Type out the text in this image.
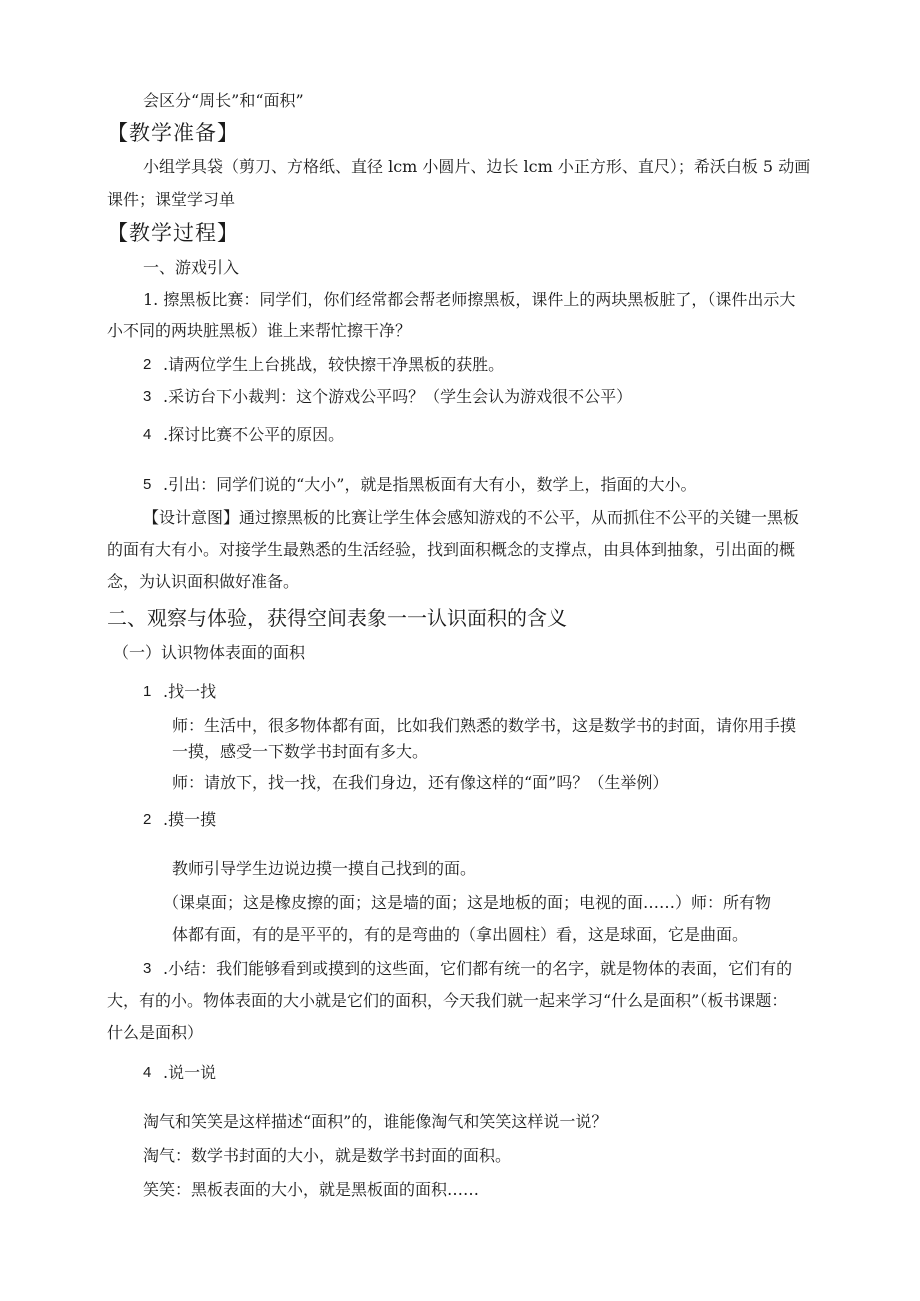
会区分“周长”和“面积”
【教学准备】
小组学具袋（剪刀、方格纸、直径 lcm 小圆片、边长 lcm 小正方形、直尺）；希沃白板 5 动画
课件；课堂学习单
【教学过程】
一、游戏引入
1. 擦黑板比赛：同学们，你们经常都会帮老师擦黑板，课件上的两块黑板脏了，（课件出示大
小不同的两块脏黑板）谁上来帮忙擦干净？
2 .请两位学生上台挑战，较快擦干净黑板的获胜。
3 .采访台下小裁判：这个游戏公平吗？（学生会认为游戏很不公平）
4 .探讨比赛不公平的原因。
5 .引出：同学们说的“大小”，就是指黑板面有大有小，数学上，指面的大小。
【设计意图】通过擦黑板的比赛让学生体会感知游戏的不公平，从而抓住不公平的关键一黑板
的面有大有小。对接学生最熟悉的生活经验，找到面积概念的支撑点，由具体到抽象，引出面的概
念，为认识面积做好准备。
二、观察与体验，获得空间表象一一认识面积的含义
（一）认识物体表面的面积
1 .找一找
师：生活中，很多物体都有面，比如我们熟悉的数学书，这是数学书的封面，请你用手摸
一摸，感受一下数学书封面有多大。
师：请放下，找一找，在我们身边，还有像这样的“面”吗？（生举例）
2 .摸一摸
教师引导学生边说边摸一摸自己找到的面。
（课桌面；这是橡皮擦的面；这是墙的面；这是地板的面；电视的面……）师：所有物
体都有面，有的是平平的，有的是弯曲的（拿出圆柱）看，这是球面，它是曲面。
3 .小结：我们能够看到或摸到的这些面，它们都有统一的名字，就是物体的表面，它们有的
大，有的小。物体表面的大小就是它们的面积，今天我们就一起来学习“什么是面积”（板书课题：
什么是面积）
4 .说一说
淘气和笑笑是这样描述“面积”的，谁能像淘气和笑笑这样说一说？
淘气：数学书封面的大小，就是数学书封面的面积。
笑笑：黑板表面的大小，就是黑板面的面积……
